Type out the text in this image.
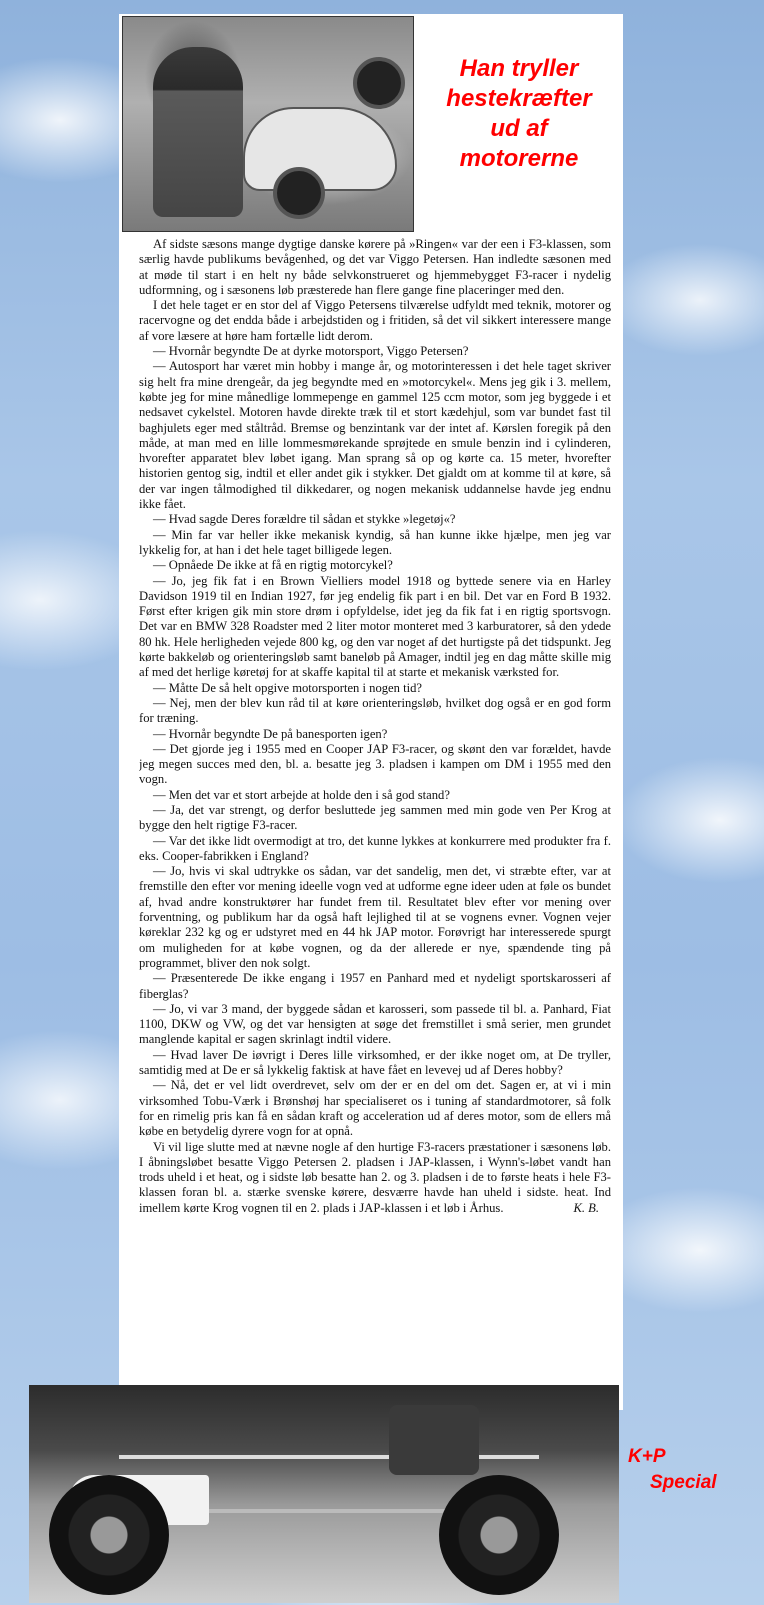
Han tryller
hestekræfter
ud af
motorerne

Af sidste sæsons mange dygtige danske kørere på »Ringen« var der een i F3-klassen, som særlig havde publikums bevågenhed, og det var Viggo Petersen. Han indledte sæsonen med at møde til start i en helt ny både selvkonstrueret og hjemmebygget F3-racer i nydelig udformning, og i sæsonens løb præsterede han flere gange fine placeringer med den.

I det hele taget er en stor del af Viggo Petersens tilværelse udfyldt med teknik, motorer og racervogne og det endda både i arbejdstiden og i fritiden, så det vil sikkert interessere mange af vore læsere at høre ham fortælle lidt derom.

— Hvornår begyndte De at dyrke motorsport, Viggo Petersen?

— Autosport har været min hobby i mange år, og motorinteressen i det hele taget skriver sig helt fra mine drengeår, da jeg begyndte med en »motorcykel«. Mens jeg gik i 3. mellem, købte jeg for mine månedlige lommepenge en gammel 125 ccm motor, som jeg byggede i et nedsavet cykelstel. Motoren havde direkte træk til et stort kædehjul, som var bundet fast til baghjulets eger med ståltråd. Bremse og benzintank var der intet af. Kørslen foregik på den måde, at man med en lille lommesmørekande sprøjtede en smule benzin ind i cylinderen, hvorefter apparatet blev løbet igang. Man sprang så op og kørte ca. 15 meter, hvorefter historien gentog sig, indtil et eller andet gik i stykker. Det gjaldt om at komme til at køre, så der var ingen tålmodighed til dikkedarer, og nogen mekanisk uddannelse havde jeg endnu ikke fået.

— Hvad sagde Deres forældre til sådan et stykke »legetøj«?

— Min far var heller ikke mekanisk kyndig, så han kunne ikke hjælpe, men jeg var lykkelig for, at han i det hele taget billigede legen.

— Opnåede De ikke at få en rigtig motorcykel?

— Jo, jeg fik fat i en Brown Vielliers model 1918 og byttede senere via en Harley Davidson 1919 til en Indian 1927, før jeg endelig fik part i en bil. Det var en Ford B 1932. Først efter krigen gik min store drøm i opfyldelse, idet jeg da fik fat i en rigtig sportsvogn. Det var en BMW 328 Roadster med 2 liter motor monteret med 3 karburatorer, så den ydede 80 hk. Hele herligheden vejede 800 kg, og den var noget af det hurtigste på det tidspunkt. Jeg kørte bakkeløb og orienteringsløb samt baneløb på Amager, indtil jeg en dag måtte skille mig af med det herlige køretøj for at skaffe kapital til at starte et mekanisk værksted for.

— Måtte De så helt opgive motorsporten i nogen tid?

— Nej, men der blev kun råd til at køre orienteringsløb, hvilket dog også er en god form for træning.

— Hvornår begyndte De på banesporten igen?

— Det gjorde jeg i 1955 med en Cooper JAP F3-racer, og skønt den var forældet, havde jeg megen succes med den, bl. a. besatte jeg 3. pladsen i kampen om DM i 1955 med den vogn.

— Men det var et stort arbejde at holde den i så god stand?

— Ja, det var strengt, og derfor besluttede jeg sammen med min gode ven Per Krog at bygge den helt rigtige F3-racer.

— Var det ikke lidt overmodigt at tro, det kunne lykkes at konkurrere med produkter fra f. eks. Cooper-fabrikken i England?

— Jo, hvis vi skal udtrykke os sådan, var det sandelig, men det, vi stræbte efter, var at fremstille den efter vor mening ideelle vogn ved at udforme egne ideer uden at føle os bundet af, hvad andre konstruktører har fundet frem til. Resultatet blev efter vor mening over forventning, og publikum har da også haft lejlighed til at se vognens evner. Vognen vejer køreklar 232 kg og er udstyret med en 44 hk JAP motor. Forøvrigt har interesserede spurgt om muligheden for at købe vognen, og da der allerede er nye, spændende ting på programmet, bliver den nok solgt.

— Præsenterede De ikke engang i 1957 en Panhard med et nydeligt sportskarosseri af fiberglas?

— Jo, vi var 3 mand, der byggede sådan et karosseri, som passede til bl. a. Panhard, Fiat 1100, DKW og VW, og det var hensigten at søge det fremstillet i små serier, men grundet manglende kapital er sagen skrinlagt indtil videre.

— Hvad laver De iøvrigt i Deres lille virksomhed, er der ikke noget om, at De tryller, samtidig med at De er så lykkelig faktisk at have fået en levevej ud af Deres hobby?

— Nå, det er vel lidt overdrevet, selv om der er en del om det. Sagen er, at vi i min virksomhed Tobu-Værk i Brønshøj har specialiseret os i tuning af standardmotorer, så folk for en rimelig pris kan få en sådan kraft og acceleration ud af deres motor, som de ellers må købe en betydelig dyrere vogn for at opnå.

Vi vil lige slutte med at nævne nogle af den hurtige F3-racers præstationer i sæsonens løb. I åbningsløbet besatte Viggo Petersen 2. pladsen i JAP-klassen, i Wynn's-løbet vandt han trods uheld i et heat, og i sidste løb besatte han 2. og 3. pladsen i de to første heats i hele F3-klassen foran bl. a. stærke svenske kørere, desværre havde han uheld i sidste. heat. Ind imellem kørte Krog vognen til en 2. plads i JAP-klassen i et løb i Århus.	K. B.

K+P
Special
